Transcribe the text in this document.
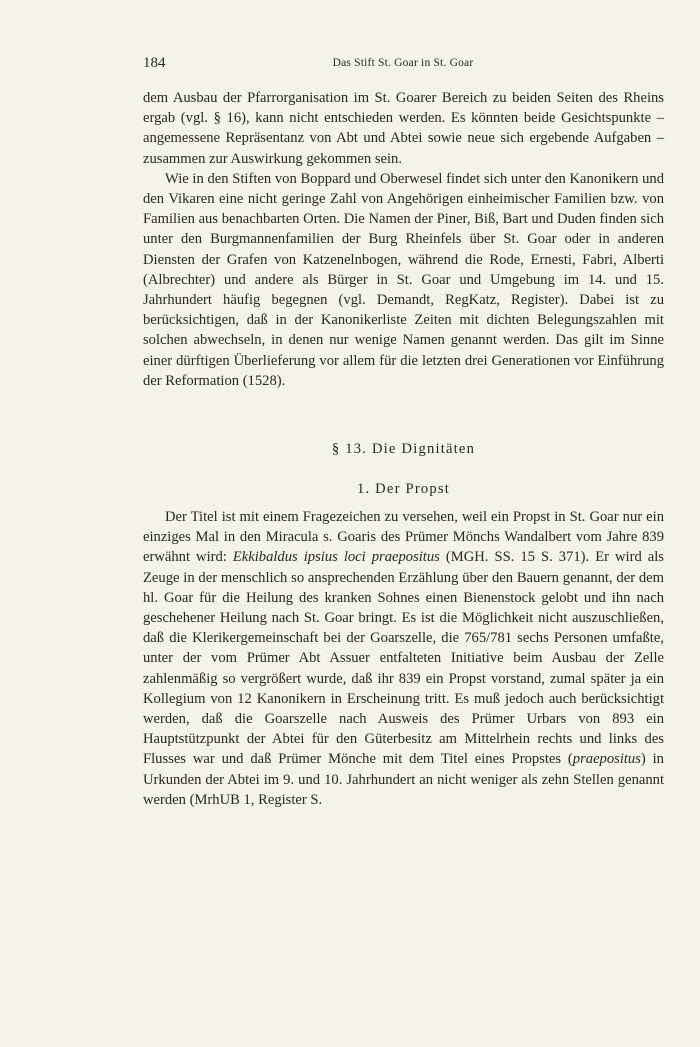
184	Das Stift St. Goar in St. Goar

dem Ausbau der Pfarrorganisation im St. Goarer Bereich zu beiden Seiten des Rheins ergab (vgl. § 16), kann nicht entschieden werden. Es könnten beide Gesichtspunkte – angemessene Repräsentanz von Abt und Abtei sowie neue sich ergebende Aufgaben – zusammen zur Auswirkung gekommen sein.

Wie in den Stiften von Boppard und Oberwesel findet sich unter den Kanonikern und den Vikaren eine nicht geringe Zahl von Angehörigen einheimischer Familien bzw. von Familien aus benachbarten Orten. Die Namen der Piner, Biß, Bart und Duden finden sich unter den Burgmannenfamilien der Burg Rheinfels über St. Goar oder in anderen Diensten der Grafen von Katzenelnbogen, während die Rode, Ernesti, Fabri, Alberti (Albrechter) und andere als Bürger in St. Goar und Umgebung im 14. und 15. Jahrhundert häufig begegnen (vgl. Demandt, RegKatz, Register). Dabei ist zu berücksichtigen, daß in der Kanonikerliste Zeiten mit dichten Belegungszahlen mit solchen abwechseln, in denen nur wenige Namen genannt werden. Das gilt im Sinne einer dürftigen Überlieferung vor allem für die letzten drei Generationen vor Einführung der Reformation (1528).

§ 13. Die Dignitäten
1. Der Propst

Der Titel ist mit einem Fragezeichen zu versehen, weil ein Propst in St. Goar nur ein einziges Mal in den Miracula s. Goaris des Prümer Mönchs Wandalbert vom Jahre 839 erwähnt wird: Ekkibaldus ipsius loci praepositus (MGH. SS. 15 S. 371). Er wird als Zeuge in der menschlich so ansprechenden Erzählung über den Bauern genannt, der dem hl. Goar für die Heilung des kranken Sohnes einen Bienenstock gelobt und ihn nach geschehener Heilung nach St. Goar bringt. Es ist die Möglichkeit nicht auszuschließen, daß die Klerikergemeinschaft bei der Goarszelle, die 765/781 sechs Personen umfaßte, unter der vom Prümer Abt Assuer entfalteten Initiative beim Ausbau der Zelle zahlenmäßig so vergrößert wurde, daß ihr 839 ein Propst vorstand, zumal später ja ein Kollegium von 12 Kanonikern in Erscheinung tritt. Es muß jedoch auch berücksichtigt werden, daß die Goarszelle nach Ausweis des Prümer Urbars von 893 ein Hauptstützpunkt der Abtei für den Güterbesitz am Mittelrhein rechts und links des Flusses war und daß Prümer Mönche mit dem Titel eines Propstes (praepositus) in Urkunden der Abtei im 9. und 10. Jahrhundert an nicht weniger als zehn Stellen genannt werden (MrhUB 1, Register S.
